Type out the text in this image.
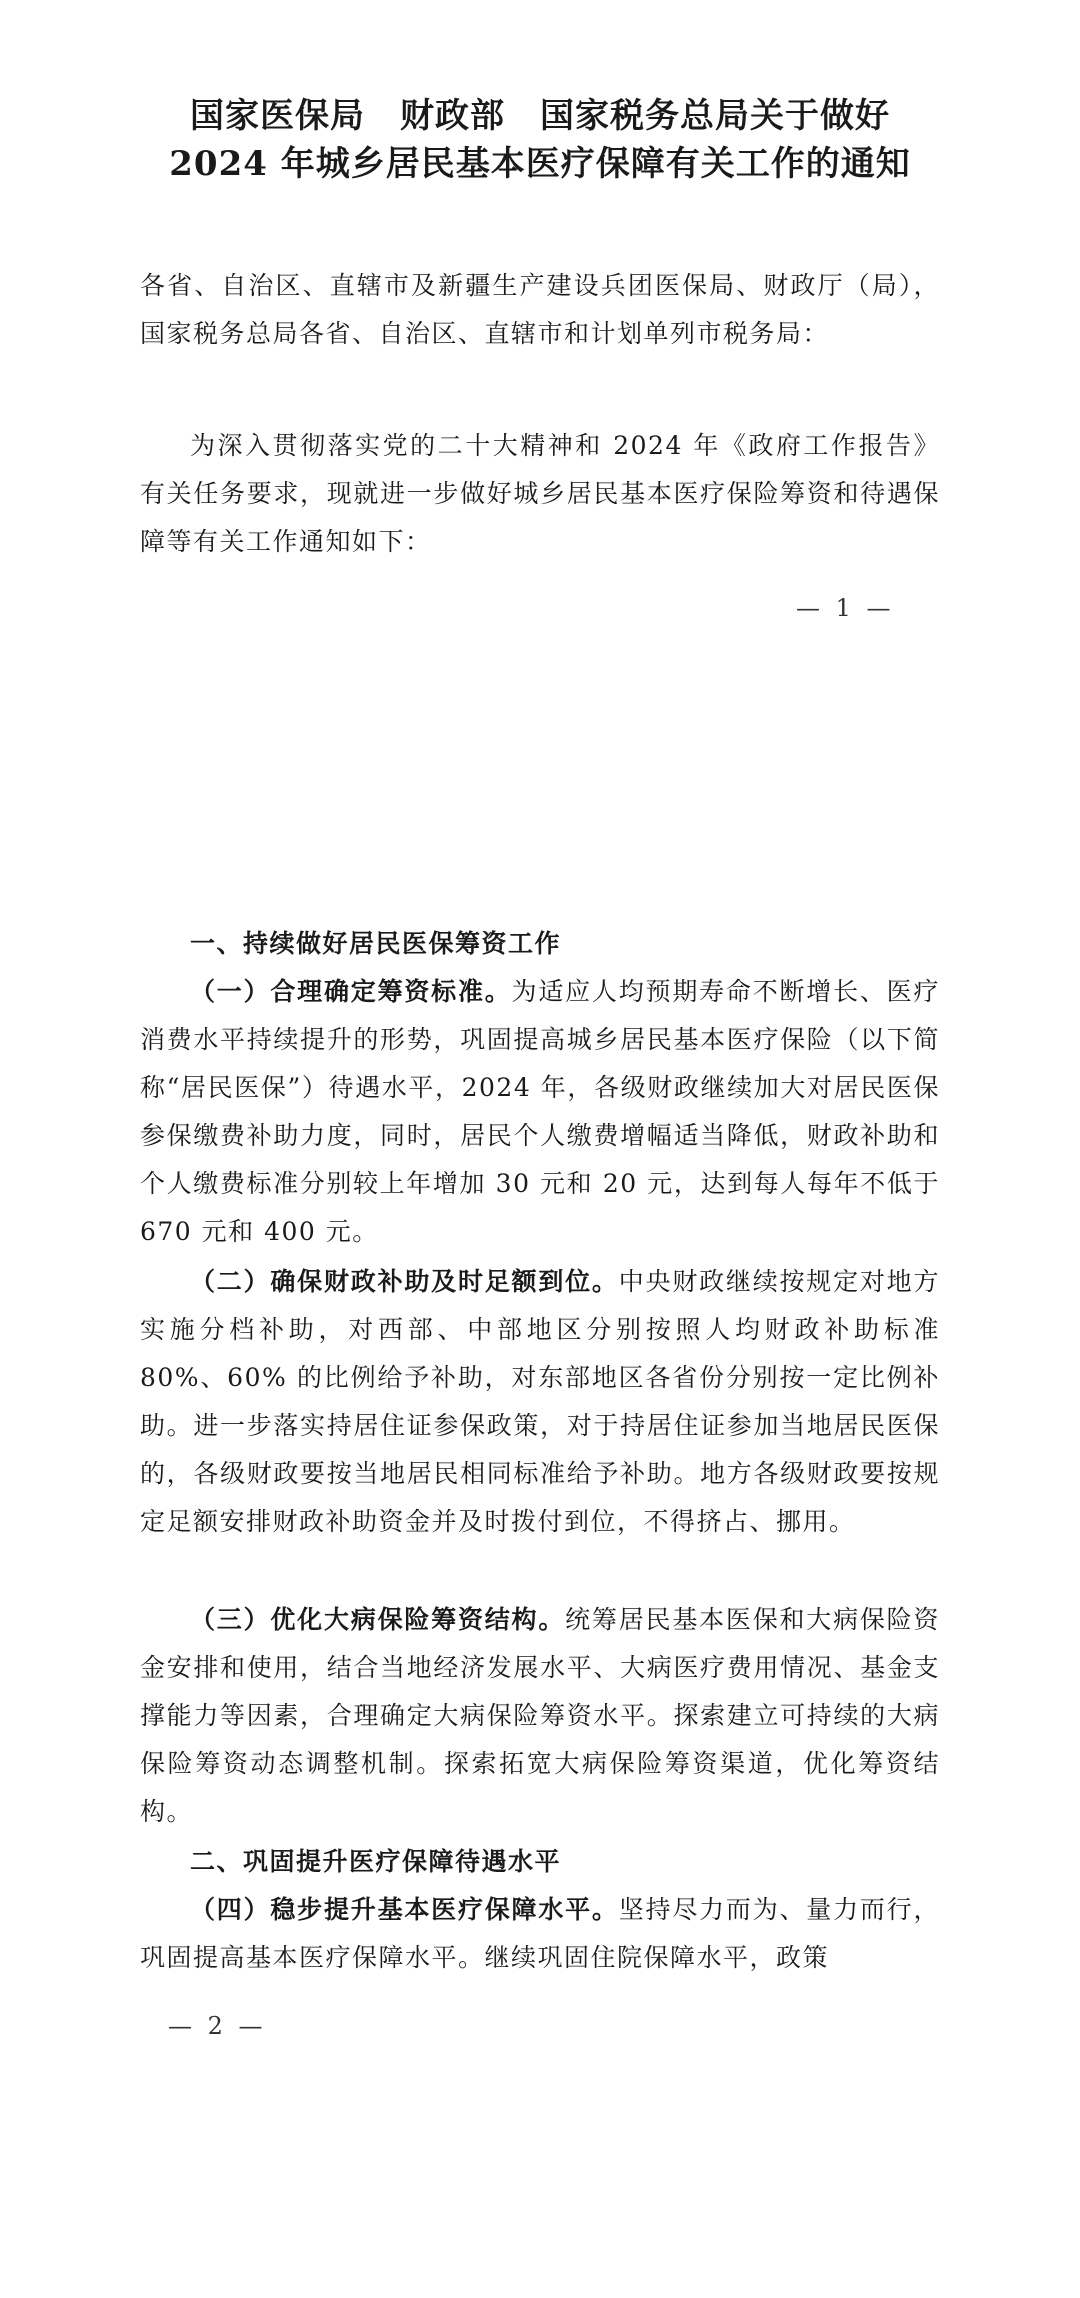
国家医保局　财政部　国家税务总局关于做好
2024 年城乡居民基本医疗保障有关工作的通知
各省、自治区、直辖市及新疆生产建设兵团医保局、财政厅（局），国家税务总局各省、自治区、直辖市和计划单列市税务局：
为深入贯彻落实党的二十大精神和 2024 年《政府工作报告》有关任务要求，现就进一步做好城乡居民基本医疗保险筹资和待遇保障等有关工作通知如下：
— 1 —
一、持续做好居民医保筹资工作
（一）合理确定筹资标准。为适应人均预期寿命不断增长、医疗消费水平持续提升的形势，巩固提高城乡居民基本医疗保险（以下简称“居民医保”）待遇水平，2024 年，各级财政继续加大对居民医保参保缴费补助力度，同时，居民个人缴费增幅适当降低，财政补助和个人缴费标准分别较上年增加 30 元和 20 元，达到每人每年不低于 670 元和 400 元。
（二）确保财政补助及时足额到位。中央财政继续按规定对地方实施分档补助，对西部、中部地区分别按照人均财政补助标准 80%、60% 的比例给予补助，对东部地区各省份分别按一定比例补助。进一步落实持居住证参保政策，对于持居住证参加当地居民医保的，各级财政要按当地居民相同标准给予补助。地方各级财政要按规定足额安排财政补助资金并及时拨付到位，不得挤占、挪用。
（三）优化大病保险筹资结构。统筹居民基本医保和大病保险资金安排和使用，结合当地经济发展水平、大病医疗费用情况、基金支撑能力等因素，合理确定大病保险筹资水平。探索建立可持续的大病保险筹资动态调整机制。探索拓宽大病保险筹资渠道，优化筹资结构。
二、巩固提升医疗保障待遇水平
（四）稳步提升基本医疗保障水平。坚持尽力而为、量力而行，巩固提高基本医疗保障水平。继续巩固住院保障水平，政策
— 2 —
